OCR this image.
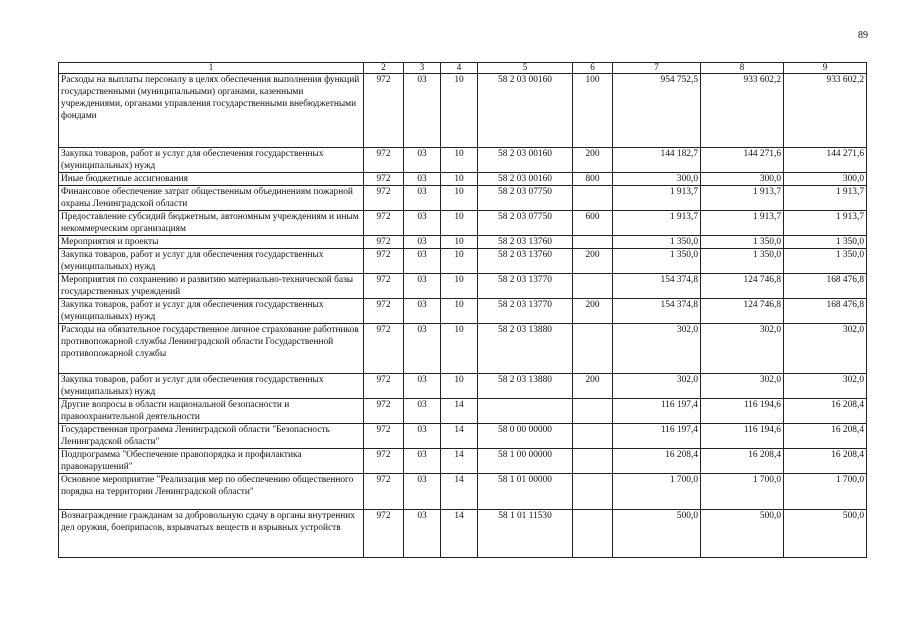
89
1	2	3	4	5	6	7	8	9
Расходы на выплаты персоналу в целях обеспечения выполнения функций государственными (муниципальными) органами, казенными учреждениями, органами управления государственными внебюджетными фондами	972	03	10	58 2 03 00160	100	954 752,5	933 602,2	933 602,2
Закупка товаров, работ и услуг для обеспечения государственных (муниципальных) нужд	972	03	10	58 2 03 00160	200	144 182,7	144 271,6	144 271,6
Иные бюджетные ассигнования	972	03	10	58 2 03 00160	800	300,0	300,0	300,0
Финансовое обеспечение затрат общественным объединениям пожарной охраны Ленинградской области	972	03	10	58 2 03 07750		1 913,7	1 913,7	1 913,7
Предоставление субсидий бюджетным, автономным учреждениям и иным некоммерческим организациям	972	03	10	58 2 03 07750	600	1 913,7	1 913,7	1 913,7
Мероприятия и проекты	972	03	10	58 2 03 13760		1 350,0	1 350,0	1 350,0
Закупка товаров, работ и услуг для обеспечения государственных (муниципальных) нужд	972	03	10	58 2 03 13760	200	1 350,0	1 350,0	1 350,0
Мероприятия по сохранению и развитию материально-технической базы государственных учреждений	972	03	10	58 2 03 13770		154 374,8	124 746,8	168 476,8
Закупка товаров, работ и услуг для обеспечения государственных (муниципальных) нужд	972	03	10	58 2 03 13770	200	154 374,8	124 746,8	168 476,8
Расходы на обязательное государственное личное страхование работников противопожарной службы Ленинградской области Государственной противопожарной службы	972	03	10	58 2 03 13880		302,0	302,0	302,0
Закупка товаров, работ и услуг для обеспечения государственных (муниципальных) нужд	972	03	10	58 2 03 13880	200	302,0	302,0	302,0
Другие вопросы в области национальной безопасности и правоохранительной деятельности	972	03	14			116 197,4	116 194,6	16 208,4
Государственная программа Ленинградской области "Безопасность Ленинградской области"	972	03	14	58 0 00 00000		116 197,4	116 194,6	16 208,4
Подпрограмма "Обеспечение правопорядка и профилактика правонарушений"	972	03	14	58 1 00 00000		16 208,4	16 208,4	16 208,4
Основное мероприятие "Реализация мер по обеспечению общественного порядка на территории Ленинградской области"	972	03	14	58 1 01 00000		1 700,0	1 700,0	1 700,0
Вознаграждение гражданам за добровольную сдачу в органы внутренних дел оружия, боеприпасов, взрывчатых веществ и взрывных устройств	972	03	14	58 1 01 11530		500,0	500,0	500,0
